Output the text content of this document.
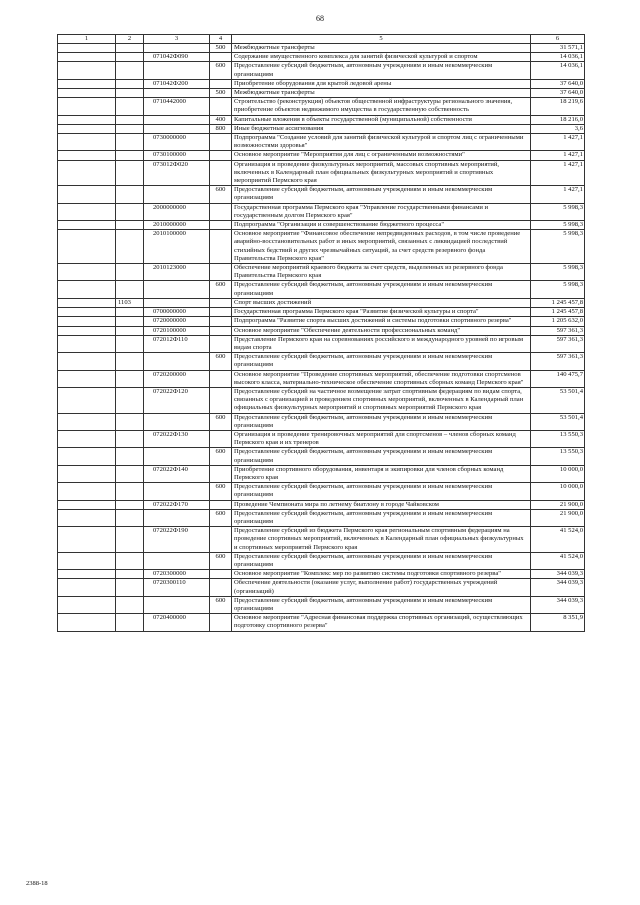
68
1	2	3	4	5	6
			500	Межбюджетные трансферты	31 571,1
		071042Ф090		Содержание имущественного комплекса для занятий физической культурой и спортом	14 036,1
			600	Предоставление субсидий бюджетным, автономным учреждениям и иным некоммерческим организациям	14 036,1
		071042Ф200		Приобретение оборудования для крытой ледовой арены	37 640,0
			500	Межбюджетные трансферты	37 640,0
		0710442000		Строительство (реконструкция) объектов общественной инфраструктуры регионального значения, приобретение объектов недвижимого имущества в государственную собственность	18 219,6
			400	Капитальные вложения в объекты государственной (муниципальной) собственности	18 216,0
			800	Иные бюджетные ассигнования	3,6
		0730000000		Подпрограмма "Создание условий для занятий физической культурой и спортом лиц с ограниченными возможностями здоровья"	1 427,1
		0730100000		Основное мероприятие "Мероприятия для лиц с ограниченными возможностями"	1 427,1
		073012Ф020		Организация и проведение физкультурных мероприятий, массовых спортивных мероприятий, включенных в Календарный план официальных физкультурных мероприятий и спортивных мероприятий Пермского края	1 427,1
			600	Предоставление субсидий бюджетным, автономным учреждениям и иным некоммерческим организациям	1 427,1
		2000000000		Государственная программа Пермского края "Управление государственными финансами и государственным долгом Пермского края"	5 998,3
		2010000000		Подпрограмма "Организация и совершенствование бюджетного процесса"	5 998,3
		2010100000		Основное мероприятие "Финансовое обеспечение непредвиденных расходов, в том числе проведение аварийно-восстановительных работ и иных мероприятий, связанных с ликвидацией последствий стихийных бедствий и других чрезвычайных ситуаций, за счет средств резервного фонда Правительства Пермского края"	5 998,3
		2010123000		Обеспечение мероприятий краевого бюджета за счет средств, выделенных из резервного фонда Правительства Пермского края	5 998,3
			600	Предоставление субсидий бюджетным, автономным учреждениям и иным некоммерческим организациям	5 998,3
	1103			Спорт высших достижений	1 245 457,8
		0700000000		Государственная программа Пермского края "Развитие физической культуры и спорта"	1 245 457,8
		0720000000		Подпрограмма "Развитие спорта высших достижений и системы подготовки спортивного резерва"	1 205 632,0
		0720100000		Основное мероприятие "Обеспечение деятельности профессиональных команд"	597 361,3
		072012Ф110		Представление Пермского края на соревнованиях российского и международного уровней по игровым видам спорта	597 361,3
			600	Предоставление субсидий бюджетным, автономным учреждениям и иным некоммерческим организациям	597 361,3
		0720200000		Основное мероприятие "Проведение спортивных мероприятий, обеспечение подготовки спортсменов высокого класса, материально-техническое обеспечение спортивных сборных команд Пермского края"	140 475,7
		072022Ф120		Предоставление субсидий на частичное возмещение затрат спортивным федерациям по видам спорта, связанных с организацией и проведением спортивных мероприятий, включенных в Календарный план официальных физкультурных мероприятий и спортивных мероприятий Пермского края	53 501,4
			600	Предоставление субсидий бюджетным, автономным учреждениям и иным некоммерческим организациям	53 501,4
		072022Ф130		Организация и проведение тренировочных мероприятий для спортсменов – членов сборных команд Пермского края и их тренеров	13 550,3
			600	Предоставление субсидий бюджетным, автономным учреждениям и иным некоммерческим организациям	13 550,3
		072022Ф140		Приобретение спортивного оборудования, инвентаря и экипировки для членов сборных команд Пермского края	10 000,0
			600	Предоставление субсидий бюджетным, автономным учреждениям и иным некоммерческим организациям	10 000,0
		072022Ф170		Проведение Чемпионата мира по летнему биатлону в городе Чайковском	21 900,0
			600	Предоставление субсидий бюджетным, автономным учреждениям и иным некоммерческим организациям	21 900,0
		072022Ф190		Предоставление субсидий из бюджета Пермского края региональным спортивным федерациям на проведение спортивных мероприятий, включенных в Календарный план официальных физкультурных и спортивных мероприятий Пермского края	41 524,0
			600	Предоставление субсидий бюджетным, автономным учреждениям и иным некоммерческим организациям	41 524,0
		0720300000		Основное мероприятие "Комплекс мер по развитию системы подготовки спортивного резерва"	344 039,3
		0720300110		Обеспечение деятельности (оказание услуг, выполнение работ) государственных учреждений (организаций)	344 039,3
			600	Предоставление субсидий бюджетным, автономным учреждениям и иным некоммерческим организациям	344 039,3
		0720400000		Основное мероприятие "Адресная финансовая поддержка спортивных организаций, осуществляющих подготовку спортивного резерва"	8 351,9
2388-18
